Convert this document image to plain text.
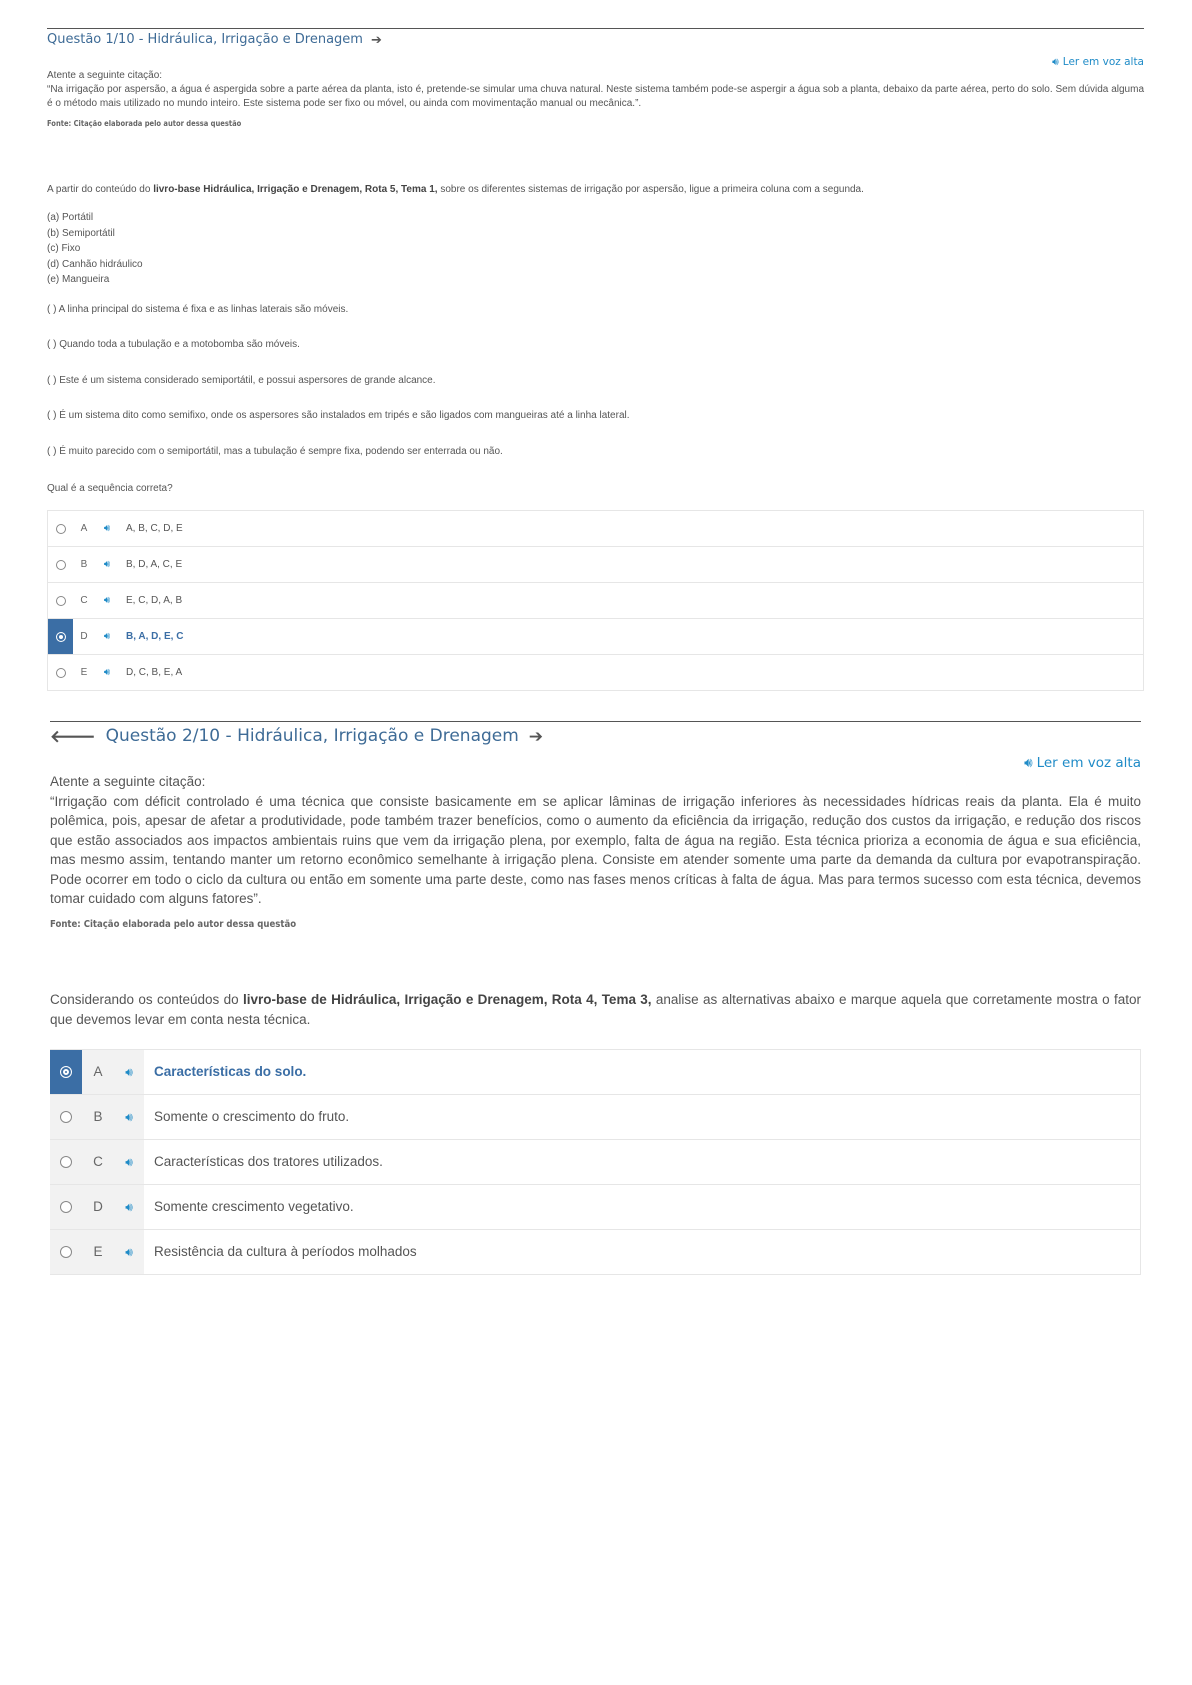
Questão 1/10 - Hidráulica, Irrigação e Drenagem ➔
🔊︎ Ler em voz alta
Atente a seguinte citação:

“Na irrigação por aspersão, a água é aspergida sobre a parte aérea da planta, isto é, pretende-se simular uma chuva natural. Neste sistema também pode-se aspergir a água sob a planta, debaixo da parte aérea, perto do solo. Sem dúvida alguma é o método mais utilizado no mundo inteiro. Este sistema pode ser fixo ou móvel, ou ainda com movimentação manual ou mecânica.”.

Fonte: Citação elaborada pelo autor dessa questão
A partir do conteúdo do livro-base Hidráulica, Irrigação e Drenagem, Rota 5, Tema 1, sobre os diferentes sistemas de irrigação por aspersão, ligue a primeira coluna com a segunda.
(a) Portátil
(b) Semiportátil
(c) Fixo
(d) Canhão hidráulico
(e) Mangueira
( ) A linha principal do sistema é fixa e as linhas laterais são móveis.
( ) Quando toda a tubulação e a motobomba são móveis.
( ) Este é um sistema considerado semiportátil, e possui aspersores de grande alcance.
( ) É um sistema dito como semifixo, onde os aspersores são instalados em tripés e são ligados com mangueiras até a linha lateral.
( ) É muito parecido com o semiportátil, mas a tubulação é sempre fixa, podendo ser enterrada ou não.
Qual é a sequência correta?
A	🔊︎	A, B, C, D, E
B	🔊︎	B, D, A, C, E
C	🔊︎	E, C, D, A, B
D	🔊︎	B, A, D, E, C
E	🔊︎	D, C, B, E, A
🡐︎ Questão 2/10 - Hidráulica, Irrigação e Drenagem ➔
🔊︎ Ler em voz alta
Atente a seguinte citação:

“Irrigação com déficit controlado é uma técnica que consiste basicamente em se aplicar lâminas de irrigação inferiores às necessidades hídricas reais da planta. Ela é muito polêmica, pois, apesar de afetar a produtividade, pode também trazer benefícios, como o aumento da eficiência da irrigação, redução dos custos da irrigação, e redução dos riscos que estão associados aos impactos ambientais ruins que vem da irrigação plena, por exemplo, falta de água na região. Esta técnica prioriza a economia de água e sua eficiência, mas mesmo assim, tentando manter um retorno econômico semelhante à irrigação plena. Consiste em atender somente uma parte da demanda da cultura por evapotranspiração. Pode ocorrer em todo o ciclo da cultura ou então em somente uma parte deste, como nas fases menos críticas à falta de água. Mas para termos sucesso com esta técnica, devemos tomar cuidado com alguns fatores”.

Fonte: Citação elaborada pelo autor dessa questão
Considerando os conteúdos do livro-base de Hidráulica, Irrigação e Drenagem, Rota 4, Tema 3, analise as alternativas abaixo e marque aquela que corretamente mostra o fator que devemos levar em conta nesta técnica.
A	🔊︎	Características do solo.
B	🔊︎	Somente o crescimento do fruto.
C	🔊︎	Características dos tratores utilizados.
D	🔊︎	Somente crescimento vegetativo.
E	🔊︎	Resistência da cultura à períodos molhados
